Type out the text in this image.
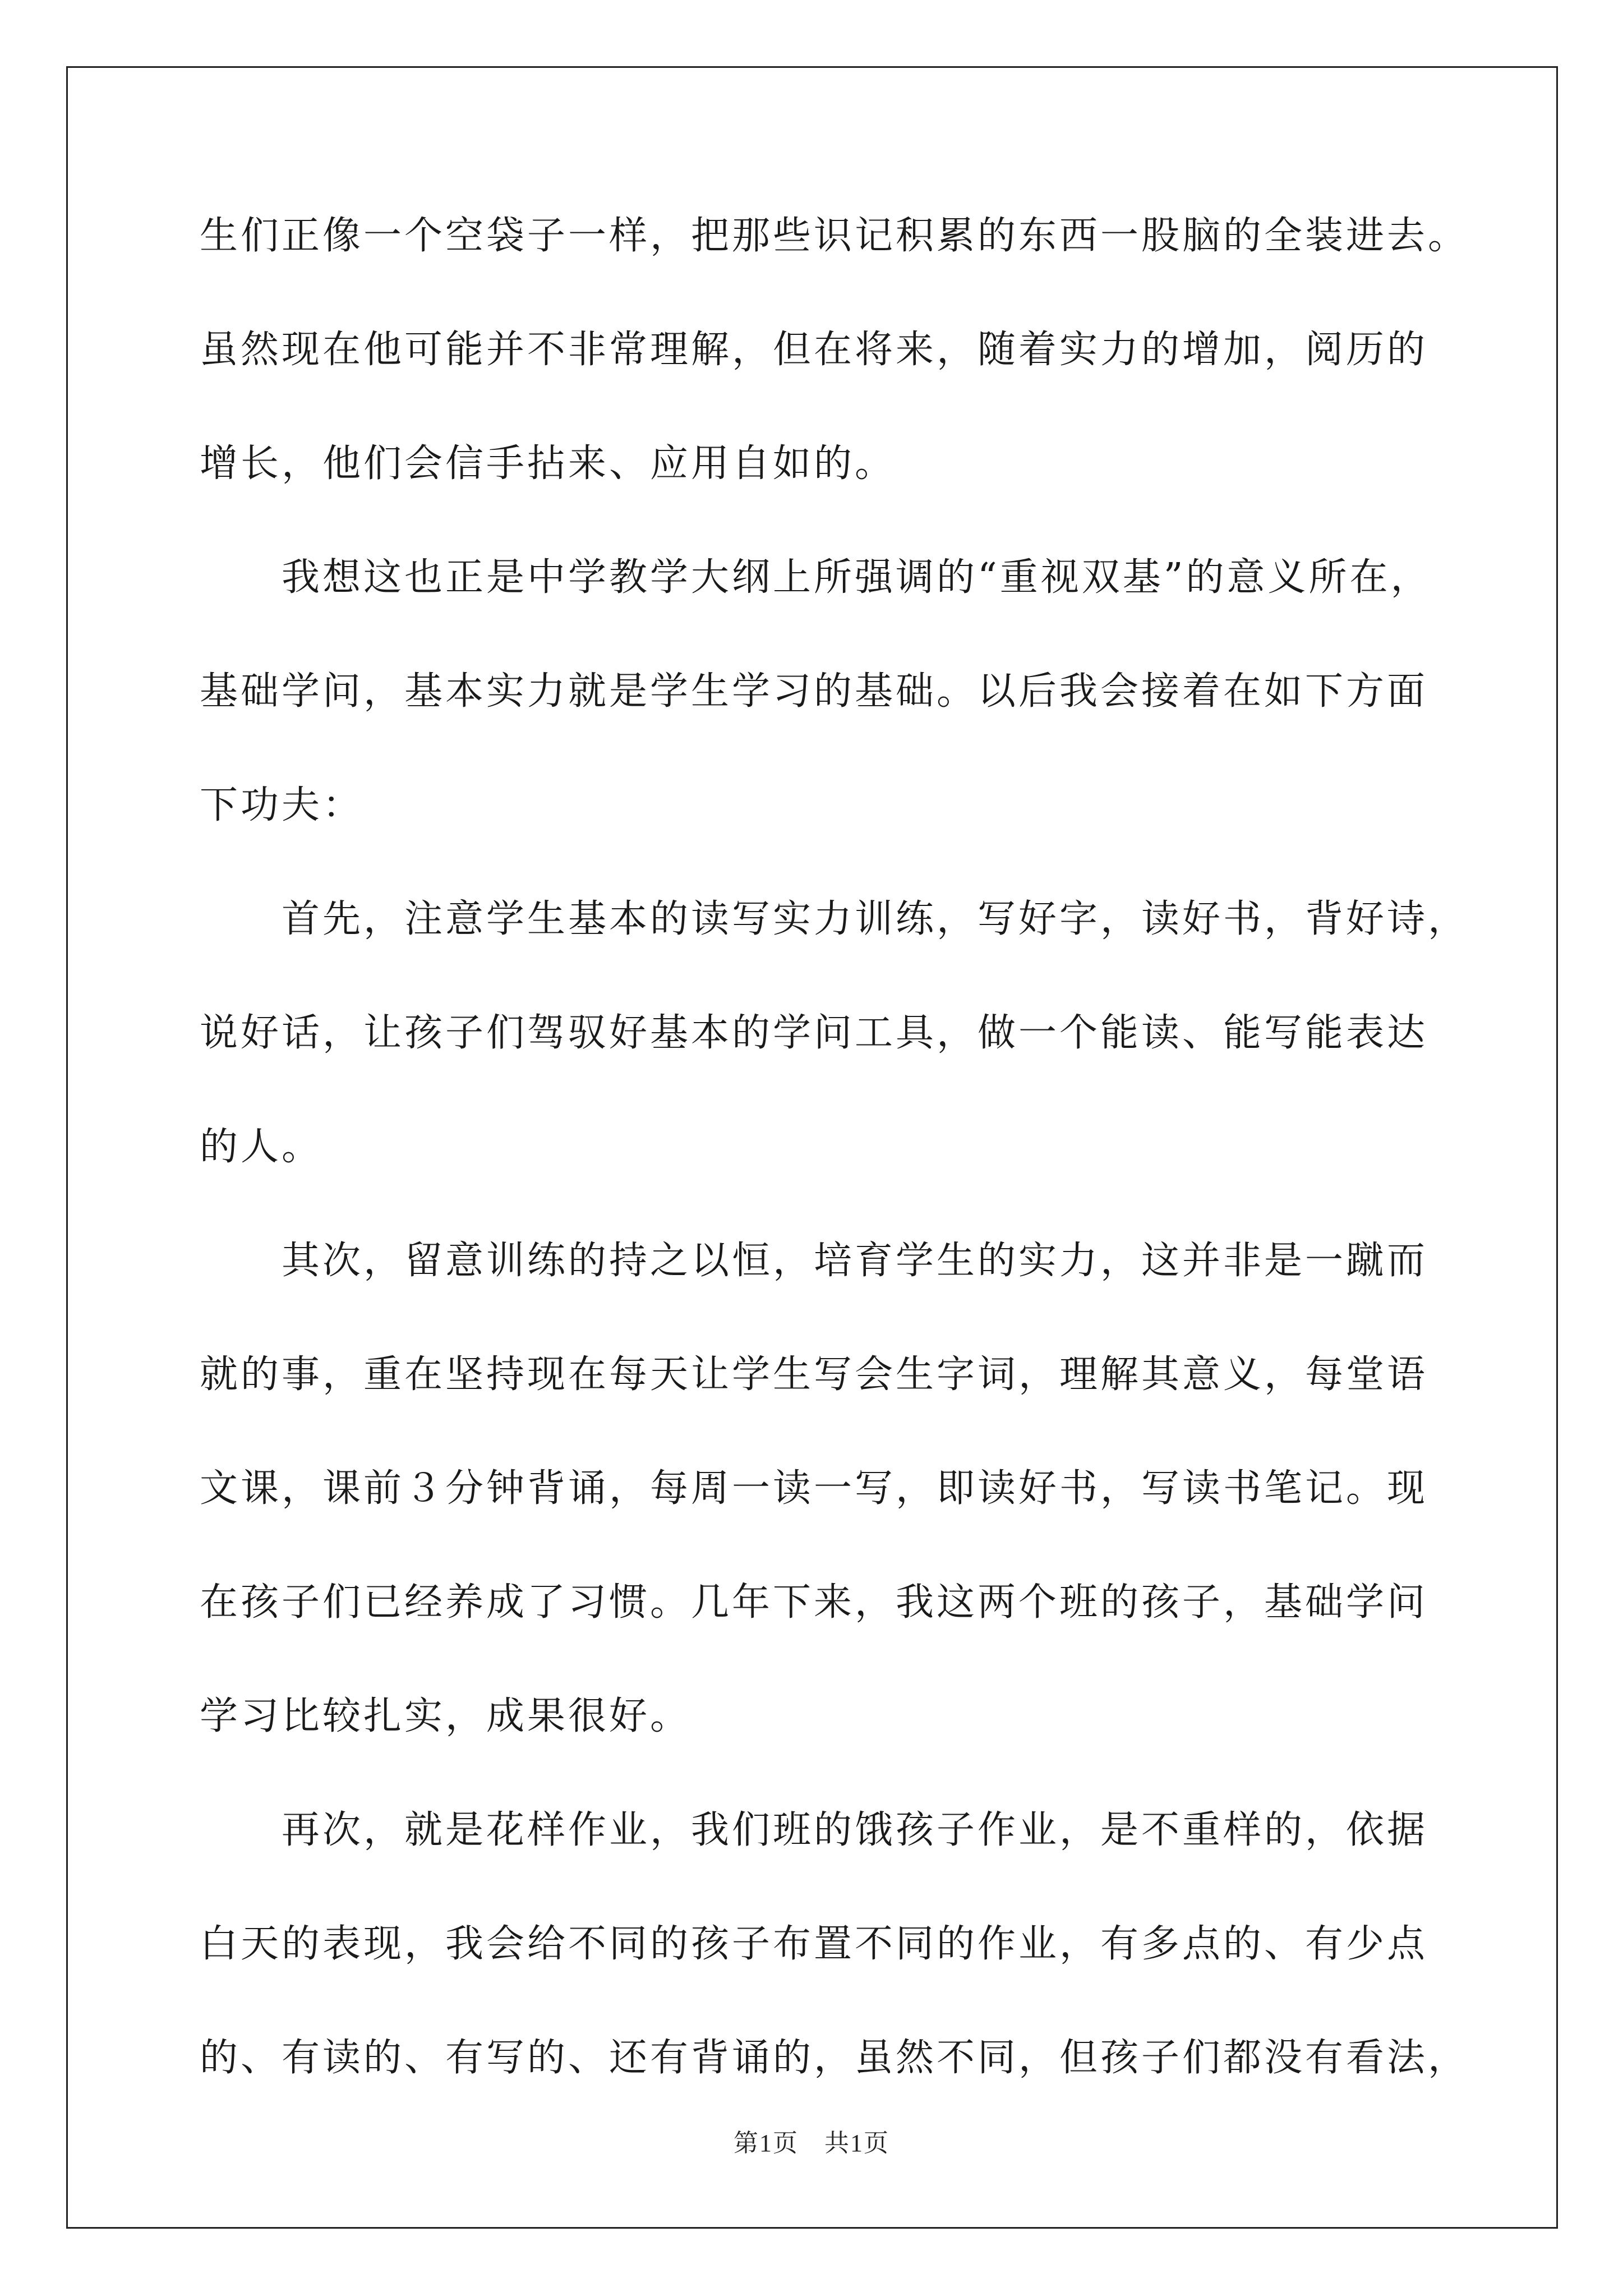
生们正像一个空袋子一样，把那些识记积累的东西一股脑的全装进去。
虽然现在他可能并不非常理解，但在将来，随着实力的增加，阅历的
增长，他们会信手拈来、应用自如的。
我想这也正是中学教学大纲上所强调的“重视双基”的意义所在，
基础学问，基本实力就是学生学习的基础。以后我会接着在如下方面
下功夫：
首先，注意学生基本的读写实力训练，写好字，读好书，背好诗，
说好话，让孩子们驾驭好基本的学问工具，做一个能读、能写能表达
的人。
其次，留意训练的持之以恒，培育学生的实力，这并非是一蹴而
就的事，重在坚持现在每天让学生写会生字词，理解其意义，每堂语
文课，课前３分钟背诵，每周一读一写，即读好书，写读书笔记。现
在孩子们已经养成了习惯。几年下来，我这两个班的孩子，基础学问
学习比较扎实，成果很好。
再次，就是花样作业，我们班的饿孩子作业，是不重样的，依据
白天的表现，我会给不同的孩子布置不同的作业，有多点的、有少点
的、有读的、有写的、还有背诵的，虽然不同，但孩子们都没有看法，
第1页　共1页
